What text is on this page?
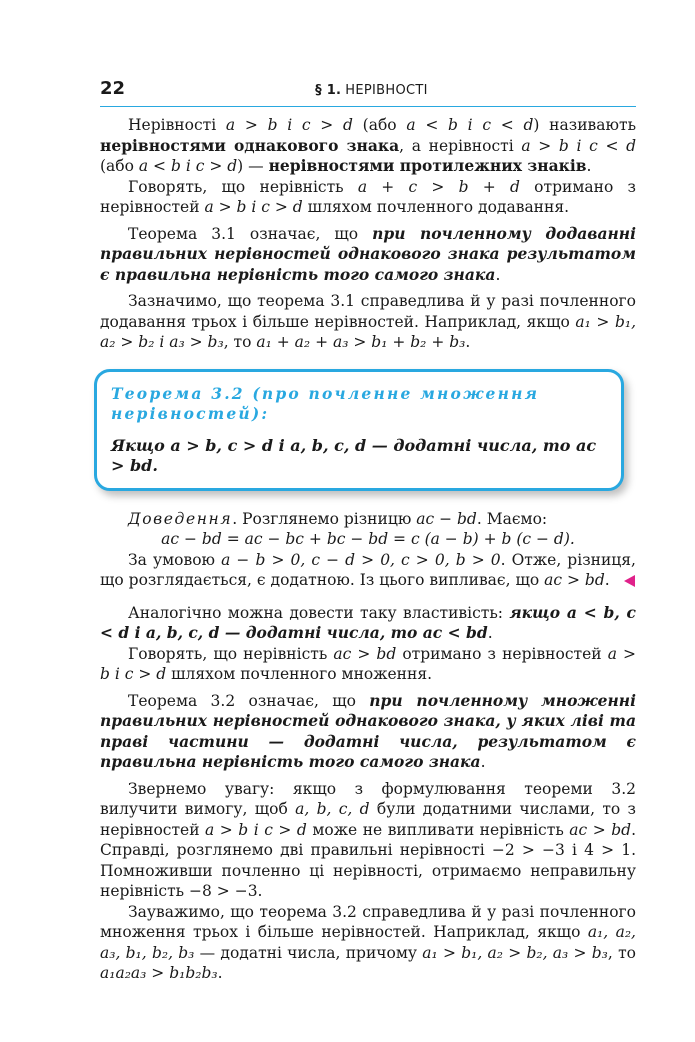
22	§ 1. НЕРІВНОСТІ

Нерівності a > b і c > d (або a < b і c < d) називають нерівностями однакового знака, а нерівності a > b і c < d (або a < b і c > d) — нерівностями протилежних знаків.

Говорять, що нерівність a + c > b + d отримано з нерівностей a > b і c > d шляхом почленного додавання.

Теорема 3.1 означає, що при почленному додаванні правильних нерівностей однакового знака результатом є правильна нерівність того самого знака.

Зазначимо, що теорема 3.1 справедлива й у разі почленного додавання трьох і більше нерівностей. Наприклад, якщо a₁ > b₁, a₂ > b₂ і a₃ > b₃, то a₁ + a₂ + a₃ > b₁ + b₂ + b₃.

Теорема 3.2 (про почленне множення нерівностей):
Якщо a > b, c > d і a, b, c, d — додатні числа, то ac > bd.

Доведення. Розглянемо різницю ac − bd. Маємо:

ac − bd = ac − bc + bc − bd = c (a − b) + b (c − d).

За умовою a − b > 0, c − d > 0, c > 0, b > 0. Отже, різниця, що розглядається, є додатною. Із цього випливає, що ac > bd.

Аналогічно можна довести таку властивість: якщо a < b, c < d і a, b, c, d — додатні числа, то ac < bd.

Говорять, що нерівність ac > bd отримано з нерівностей a > b і c > d шляхом почленного множення.

Теорема 3.2 означає, що при почленному множенні правильних нерівностей однакового знака, у яких ліві та праві частини — додатні числа, результатом є правильна нерівність того самого знака.

Звернемо увагу: якщо з формулювання теореми 3.2 вилучити вимогу, щоб a, b, c, d були додатними числами, то з нерівностей a > b і c > d може не випливати нерівність ac > bd. Справді, розглянемо дві правильні нерівності −2 > −3 і 4 > 1. Помноживши почленно ці нерівності, отримаємо неправильну нерівність −8 > −3.

Зауважимо, що теорема 3.2 справедлива й у разі почленного множення трьох і більше нерівностей. Наприклад, якщо a₁, a₂, a₃, b₁, b₂, b₃ — додатні числа, причому a₁ > b₁, a₂ > b₂, a₃ > b₃, то a₁a₂a₃ > b₁b₂b₃.
